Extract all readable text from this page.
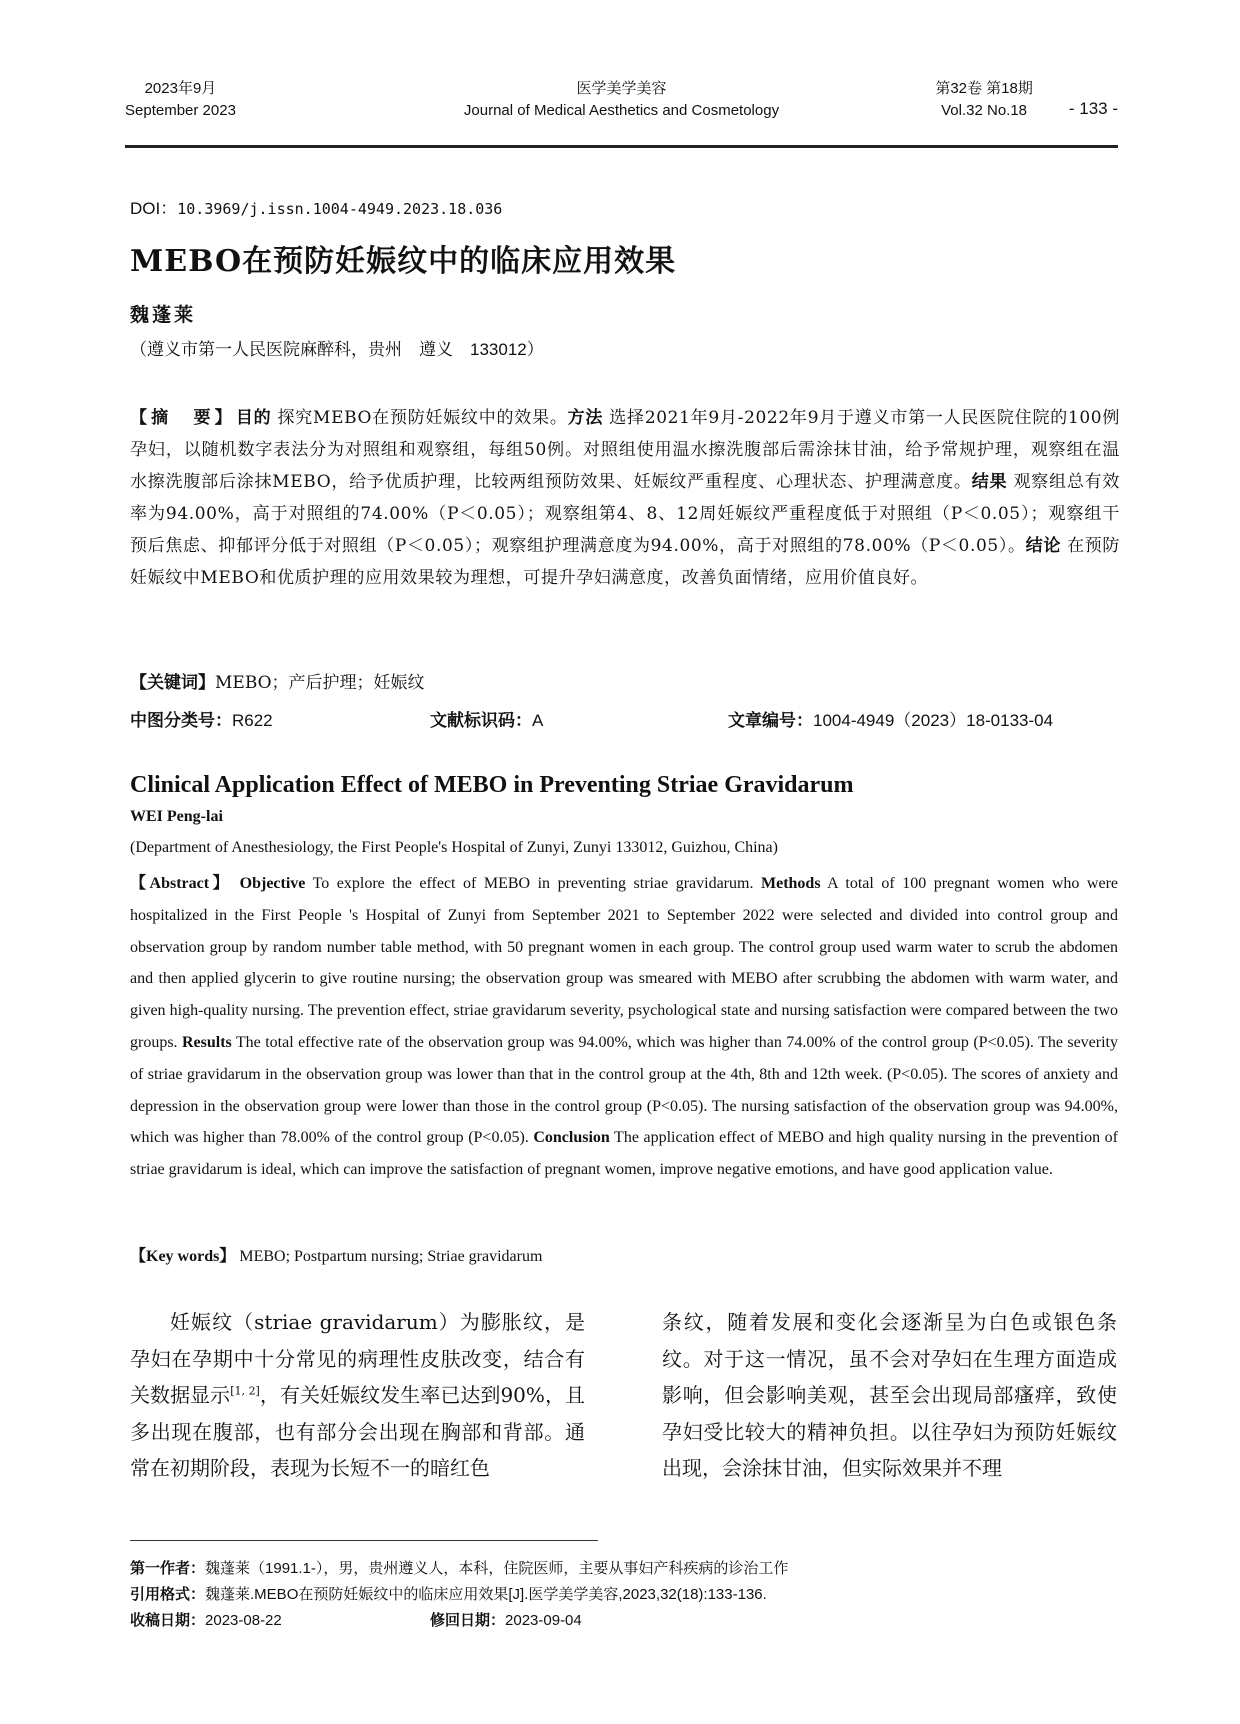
2023年9月
September 2023
医学美学美容
Journal of Medical Aesthetics and Cosmetology
第32卷 第18期
Vol.32 No.18	- 133 -
DOI：10.3969/j.issn.1004-4949.2023.18.036
MEBO在预防妊娠纹中的临床应用效果
魏蓬莱
（遵义市第一人民医院麻醉科，贵州　遵义　133012）
【摘　要】目的 探究MEBO在预防妊娠纹中的效果。方法 选择2021年9月-2022年9月于遵义市第一人民医院住院的100例孕妇，以随机数字表法分为对照组和观察组，每组50例。对照组使用温水擦洗腹部后需涂抹甘油，给予常规护理，观察组在温水擦洗腹部后涂抹MEBO，给予优质护理，比较两组预防效果、妊娠纹严重程度、心理状态、护理满意度。结果 观察组总有效率为94.00%，高于对照组的74.00%（P＜0.05）；观察组第4、8、12周妊娠纹严重程度低于对照组（P＜0.05）；观察组干预后焦虑、抑郁评分低于对照组（P＜0.05）；观察组护理满意度为94.00%，高于对照组的78.00%（P＜0.05）。结论 在预防妊娠纹中MEBO和优质护理的应用效果较为理想，可提升孕妇满意度，改善负面情绪，应用价值良好。
【关键词】MEBO；产后护理；妊娠纹
中图分类号：R622	文献标识码：A	文章编号：1004-4949（2023）18-0133-04
Clinical Application Effect of MEBO in Preventing Striae Gravidarum
WEI Peng-lai
(Department of Anesthesiology, the First People's Hospital of Zunyi, Zunyi 133012, Guizhou, China)
【Abstract】 Objective To explore the effect of MEBO in preventing striae gravidarum. Methods A total of 100 pregnant women who were hospitalized in the First People 's Hospital of Zunyi from September 2021 to September 2022 were selected and divided into control group and observation group by random number table method, with 50 pregnant women in each group. The control group used warm water to scrub the abdomen and then applied glycerin to give routine nursing; the observation group was smeared with MEBO after scrubbing the abdomen with warm water, and given high-quality nursing. The prevention effect, striae gravidarum severity, psychological state and nursing satisfaction were compared between the two groups. Results The total effective rate of the observation group was 94.00%, which was higher than 74.00% of the control group (P<0.05). The severity of striae gravidarum in the observation group was lower than that in the control group at the 4th, 8th and 12th week. (P<0.05). The scores of anxiety and depression in the observation group were lower than those in the control group (P<0.05). The nursing satisfaction of the observation group was 94.00%, which was higher than 78.00% of the control group (P<0.05). Conclusion The application effect of MEBO and high quality nursing in the prevention of striae gravidarum is ideal, which can improve the satisfaction of pregnant women, improve negative emotions, and have good application value.
【Key words】 MEBO; Postpartum nursing; Striae gravidarum

妊娠纹（striae gravidarum）为膨胀纹，是孕妇在孕期中十分常见的病理性皮肤改变，结合有关数据显示[1, 2]，有关妊娠纹发生率已达到90%，且多出现在腹部，也有部分会出现在胸部和背部。通常在初期阶段，表现为长短不一的暗红色

条纹，随着发展和变化会逐渐呈为白色或银色条纹。对于这一情况，虽不会对孕妇在生理方面造成影响，但会影响美观，甚至会出现局部瘙痒，致使孕妇受比较大的精神负担。以往孕妇为预防妊娠纹出现，会涂抹甘油，但实际效果并不理

第一作者：魏蓬莱（1991.1-），男，贵州遵义人，本科，住院医师，主要从事妇产科疾病的诊治工作
引用格式：魏蓬莱.MEBO在预防妊娠纹中的临床应用效果[J].医学美学美容,2023,32(18):133-136.
收稿日期：2023-08-22	修回日期：2023-09-04
